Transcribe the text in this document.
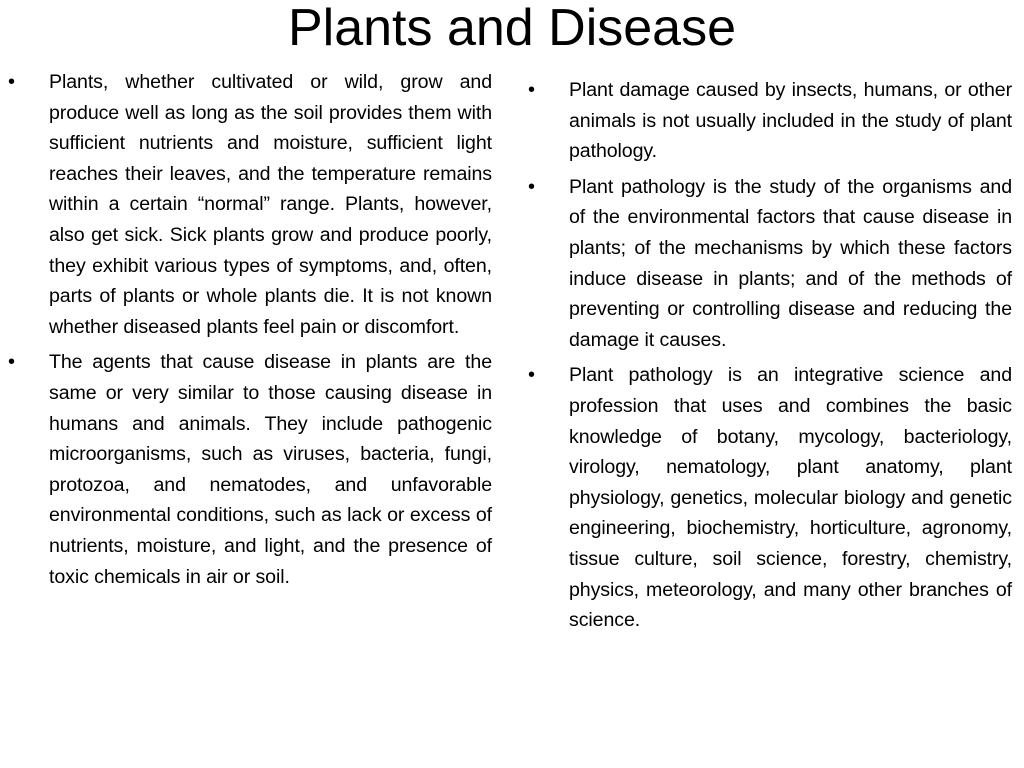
Plants and Disease
• Plants, whether cultivated or wild, grow and produce well as long as the soil provides them with sufficient nutrients and moisture, sufficient light reaches their leaves, and the temperature remains within a certain “normal” range. Plants, however, also get sick. Sick plants grow and produce poorly, they exhibit various types of symptoms, and, often, parts of plants or whole plants die. It is not known whether diseased plants feel pain or discomfort.
• The agents that cause disease in plants are the same or very similar to those causing disease in humans and animals. They include pathogenic microorganisms, such as viruses, bacteria, fungi, protozoa, and nematodes, and unfavorable environmental conditions, such as lack or excess of nutrients, moisture, and light, and the presence of toxic chemicals in air or soil.
• Plant damage caused by insects, humans, or other animals is not usually included in the study of plant pathology.
• Plant pathology is the study of the organisms and of the environmental factors that cause disease in plants; of the mechanisms by which these factors induce disease in plants; and of the methods of preventing or controlling disease and reducing the damage it causes.
• Plant pathology is an integrative science and profession that uses and combines the basic knowledge of botany, mycology, bacteriology, virology, nematology, plant anatomy, plant physiology, genetics, molecular biology and genetic engineering, biochemistry, horticulture, agronomy, tissue culture, soil science, forestry, chemistry, physics, meteorology, and many other branches of science.
